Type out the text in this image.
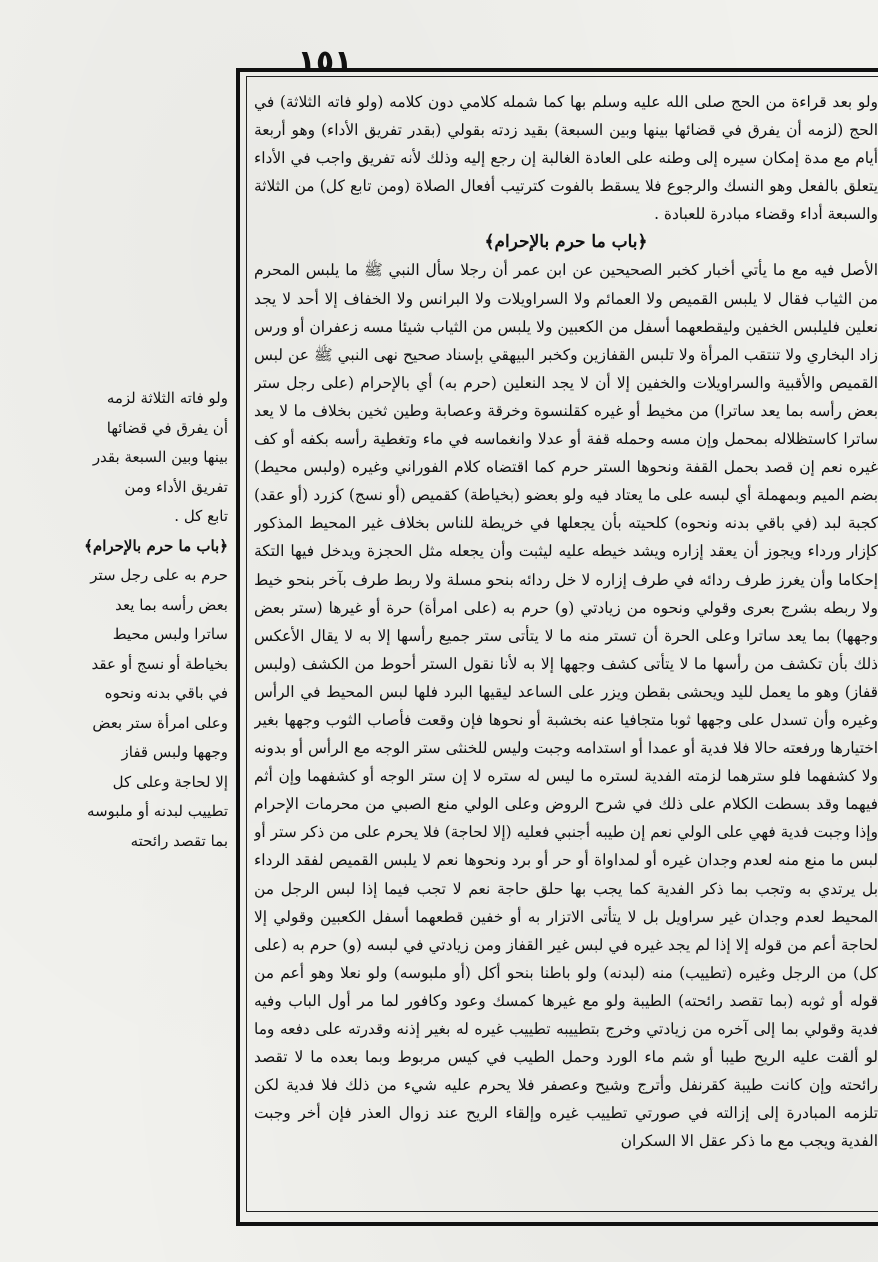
١٥١

ولو بعد قراءة من الحج صلى الله عليه وسلم بها كما شمله كلامي دون كلامه (ولو فاته الثلاثة) في الحج (لزمه أن يفرق في قضائها بينها وبين السبعة) بقيد زدته بقولي (بقدر تفريق الأداء) وهو أربعة أيام مع مدة إمكان سيره إلى وطنه على العادة الغالبة إن رجع إليه وذلك لأنه تفريق واجب في الأداء يتعلق بالفعل وهو النسك والرجوع فلا يسقط بالفوت كترتيب أفعال الصلاة (ومن تابع كل) من الثلاثة والسبعة أداء وقضاء مبادرة للعبادة .

﴿باب ما حرم بالإحرام﴾

الأصل فيه مع ما يأتي أخبار كخبر الصحيحين عن ابن عمر أن رجلا سأل النبي ﷺ ما يلبس المحرم من الثياب فقال لا يلبس القميص ولا العمائم ولا السراويلات ولا البرانس ولا الخفاف إلا أحد لا يجد نعلين فليلبس الخفين وليقطعهما أسفل من الكعبين ولا يلبس من الثياب شيئا مسه زعفران أو ورس زاد البخاري ولا تنتقب المرأة ولا تلبس القفازين وكخبر البيهقي بإسناد صحيح نهى النبي ﷺ عن لبس القميص والأقبية والسراويلات والخفين إلا أن لا يجد النعلين (حرم به) أي بالإحرام (على رجل ستر بعض رأسه بما يعد ساترا) من مخيط أو غيره كقلنسوة وخرقة وعصابة وطين ثخين بخلاف ما لا يعد ساترا كاستظلاله بمحمل وإن مسه وحمله قفة أو عدلا وانغماسه في ماء وتغطية رأسه بكفه أو كف غيره نعم إن قصد بحمل القفة ونحوها الستر حرم كما اقتضاه كلام الفوراني وغيره (ولبس محيط) بضم الميم وبمهملة أي لبسه على ما يعتاد فيه ولو بعضو (بخياطة) كقميص (أو نسج) كزرد (أو عقد) كجبة لبد (في باقي بدنه ونحوه) كلحيته بأن يجعلها في خريطة للناس بخلاف غير المحيط المذكور كإزار ورداء ويجوز أن يعقد إزاره ويشد خيطه عليه ليثبت وأن يجعله مثل الحجزة ويدخل فيها التكة إحكاما وأن يغرز طرف ردائه في طرف إزاره لا خل ردائه بنحو مسلة ولا ربط طرف بآخر بنحو خيط ولا ربطه بشرج بعرى وقولي ونحوه من زيادتي (و) حرم به (على امرأة) حرة أو غيرها (ستر بعض وجهها) بما يعد ساترا وعلى الحرة أن تستر منه ما لا يتأتى ستر جميع رأسها إلا به لا يقال الأعكس ذلك بأن تكشف من رأسها ما لا يتأتى كشف وجهها إلا به لأنا نقول الستر أحوط من الكشف (ولبس قفاز) وهو ما يعمل لليد ويحشى بقطن ويزر على الساعد ليقيها البرد فلها لبس المحيط في الرأس وغيره وأن تسدل على وجهها ثوبا متجافيا عنه بخشبة أو نحوها فإن وقعت فأصاب الثوب وجهها بغير اختيارها ورفعته حالا فلا فدية أو عمدا أو استدامه وجبت وليس للخنثى ستر الوجه مع الرأس أو بدونه ولا كشفهما فلو سترهما لزمته الفدية لستره ما ليس له ستره لا إن ستر الوجه أو كشفهما وإن أثم فيهما وقد بسطت الكلام على ذلك في شرح الروض وعلى الولي منع الصبي من محرمات الإحرام وإذا وجبت فدية فهي على الولي نعم إن طيبه أجنبي فعليه (إلا لحاجة) فلا يحرم على من ذكر ستر أو لبس ما منع منه لعدم وجدان غيره أو لمداواة أو حر أو برد ونحوها نعم لا يلبس القميص لفقد الرداء بل يرتدي به وتجب بما ذكر الفدية كما يجب بها حلق حاجة نعم لا تجب فيما إذا لبس الرجل من المحيط لعدم وجدان غير سراويل بل لا يتأتى الاتزار به أو خفين قطعهما أسفل الكعبين وقولي إلا لحاجة أعم من قوله إلا إذا لم يجد غيره في لبس غير القفاز ومن زيادتي في لبسه (و) حرم به (على كل) من الرجل وغيره (تطييب) منه (لبدنه) ولو باطنا بنحو أكل (أو ملبوسه) ولو نعلا وهو أعم من قوله أو ثوبه (بما تقصد رائحته) الطيبة ولو مع غيرها كمسك وعود وكافور لما مر أول الباب وفيه فدية وقولي بما إلى آخره من زيادتي وخرج بتطييبه تطييب غيره له بغير إذنه وقدرته على دفعه وما لو ألقت عليه الريح طيبا أو شم ماء الورد وحمل الطيب في كيس مربوط وبما بعده ما لا تقصد رائحته وإن كانت طيبة كقرنفل وأترج وشيح وعصفر فلا يحرم عليه شيء من ذلك فلا فدية لكن تلزمه المبادرة إلى إزالته في صورتي تطييب غيره وإلقاء الريح عند زوال العذر فإن أخر وجبت الفدية ويجب مع ما ذكر عقل الا السكران

ولو فاته الثلاثة لزمه

أن يفرق في قضائها

بينها وبين السبعة بقدر

تفريق الأداء ومن

تابع كل .

﴿باب ما حرم بالإحرام﴾

حرم به على رجل ستر

بعض رأسه بما يعد

ساترا ولبس محيط

بخياطة أو نسج أو عقد

في باقي بدنه ونحوه

وعلى امرأة ستر بعض

وجهها ولبس قفاز

إلا لحاجة وعلى كل

تطييب لبدنه أو ملبوسه

بما تقصد رائحته
